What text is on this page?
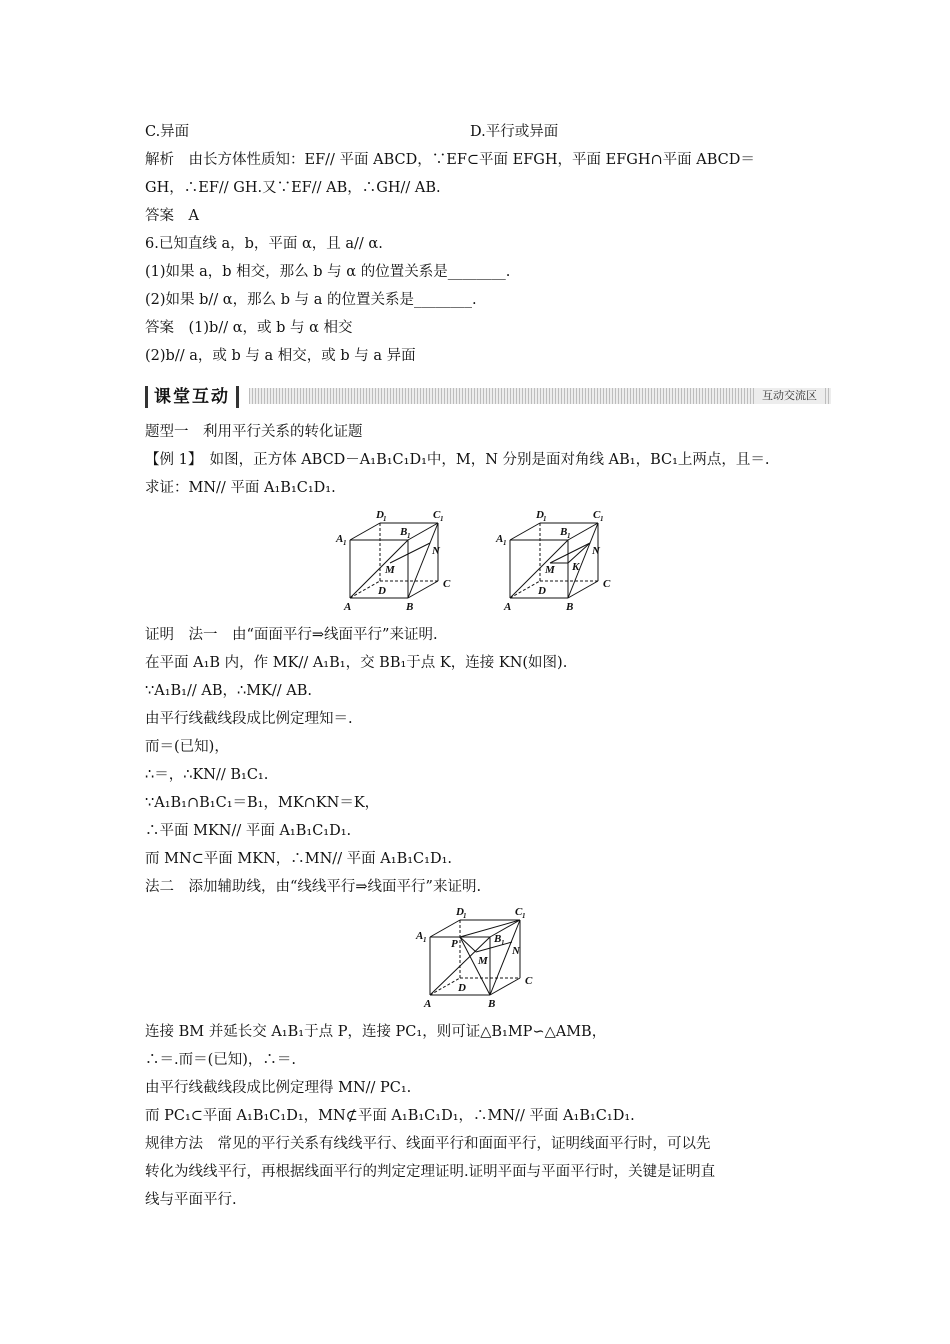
C.异面	D.平行或异面
解析　由长方体性质知：EF// 平面 ABCD，∵EF⊂平面 EFGH，平面 EFGH∩平面 ABCD＝
GH，∴EF// GH.又∵EF// AB，∴GH// AB.
答案　A
6.已知直线 a，b，平面 α，且 a// α.
(1)如果 a，b 相交，那么 b 与 α 的位置关系是________.
(2)如果 b// α，那么 b 与 a 的位置关系是________.
答案　(1)b// α，或 b 与 α 相交
(2)b// a，或 b 与 a 相交，或 b 与 a 异面
课堂互动	互动交流区
题型一　利用平行关系的转化证题
【例 1】　如图，正方体 ABCD－A₁B₁C₁D₁中，M，N 分别是面对角线 AB₁，BC₁上两点，且＝.
求证：MN// 平面 A₁B₁C₁D₁.
A	B
C
D
A 1
B 1
C 1
D 1
M
N
A	B
C
D
A 1
B 1
C 1
D 1
M
N
K
证明　法一　由“面面平行⇒线面平行”来证明.
在平面 A₁B 内，作 MK// A₁B₁，交 BB₁于点 K，连接 KN(如图).
∵A₁B₁// AB，∴MK// AB.
由平行线截线段成比例定理知＝.
而＝(已知)，
∴＝，∴KN// B₁C₁.
∵A₁B₁∩B₁C₁＝B₁，MK∩KN＝K，
∴平面 MKN// 平面 A₁B₁C₁D₁.
而 MN⊂平面 MKN，∴MN// 平面 A₁B₁C₁D₁.
法二　添加辅助线，由“线线平行⇒线面平行”来证明.
A	B
C
D
A 1	B 1
C 1
D 1
P
M
N
连接 BM 并延长交 A₁B₁于点 P，连接 PC₁，则可证△B₁MP∽△AMB，
∴＝.而＝(已知)，∴＝.
由平行线截线段成比例定理得 MN// PC₁.
而 PC₁⊂平面 A₁B₁C₁D₁，MN⊄平面 A₁B₁C₁D₁，∴MN// 平面 A₁B₁C₁D₁.
规律方法　常见的平行关系有线线平行、线面平行和面面平行，证明线面平行时，可以先
转化为线线平行，再根据线面平行的判定定理证明.证明平面与平面平行时，关键是证明直
线与平面平行.
